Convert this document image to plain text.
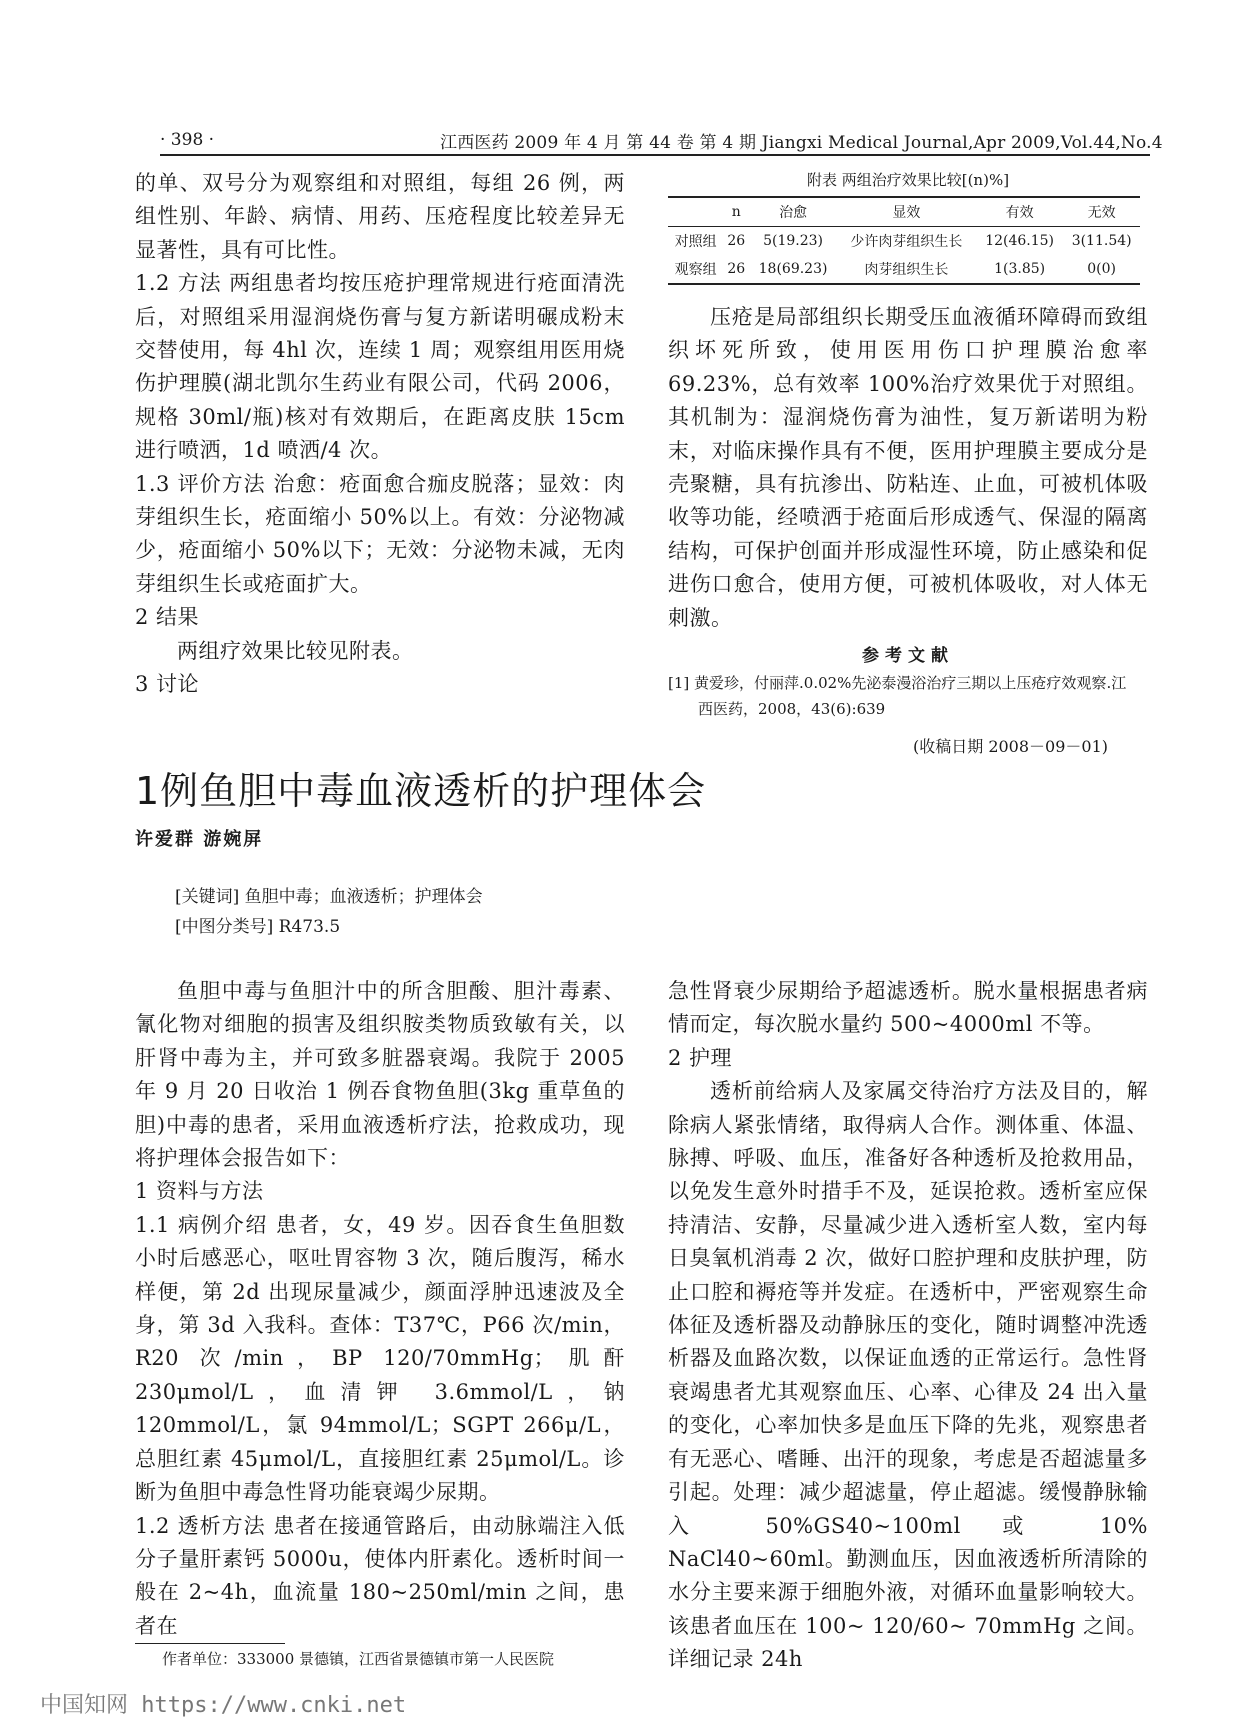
· 398 ·	江西医药 2009 年 4 月 第 44 卷 第 4 期 Jiangxi Medical Journal,Apr 2009,Vol.44,No.4

的单、双号分为观察组和对照组，每组 26 例，两组性别、年龄、病情、用药、压疮程度比较差异无显著性，具有可比性。

1.2 方法 两组患者均按压疮护理常规进行疮面清洗后，对照组采用湿润烧伤膏与复方新诺明碾成粉末交替使用，每 4hl 次，连续 1 周；观察组用医用烧伤护理膜(湖北凯尔生药业有限公司，代码 2006，规格 30ml/瓶)核对有效期后，在距离皮肤 15cm 进行喷洒，1d 喷洒/4 次。

1.3 评价方法 治愈：疮面愈合痂皮脱落；显效：肉芽组织生长，疮面缩小 50%以上。有效：分泌物减少，疮面缩小 50%以下；无效：分泌物未减，无肉芽组织生长或疮面扩大。

2 结果

两组疗效果比较见附表。

3 讨论

附表 两组治疗效果比较[(n)%]
	n	治愈	显效	有效	无效
对照组	26	5(19.23)	少许肉芽组织生长	12(46.15)	3(11.54)
观察组	26	18(69.23)	肉芽组织生长	1(3.85)	0(0)

压疮是局部组织长期受压血液循环障碍而致组织坏死所致，使用医用伤口护理膜治愈率 69.23%，总有效率 100%治疗效果优于对照组。其机制为：湿润烧伤膏为油性，复万新诺明为粉末，对临床操作具有不便，医用护理膜主要成分是壳聚糖，具有抗渗出、防粘连、止血，可被机体吸收等功能，经喷洒于疮面后形成透气、保湿的隔离结构，可保护创面并形成湿性环境，防止感染和促进伤口愈合，使用方便，可被机体吸收，对人体无刺激。

参考文献

[1] 黄爱珍，付丽萍.0.02%先泌泰漫浴治疗三期以上压疮疗效观察.江

西医药，2008，43(6):639

(收稿日期 2008－09－01)
1例鱼胆中毒血液透析的护理体会
许爱群 游婉屏
[关键词] 鱼胆中毒；血液透析；护理体会
[中图分类号] R473.5

鱼胆中毒与鱼胆汁中的所含胆酸、胆汁毒素、氰化物对细胞的损害及组织胺类物质致敏有关，以肝肾中毒为主，并可致多脏器衰竭。我院于 2005 年 9 月 20 日收治 1 例吞食物鱼胆(3kg 重草鱼的胆)中毒的患者，采用血液透析疗法，抢救成功，现将护理体会报告如下：

1 资料与方法

1.1 病例介绍 患者，女，49 岁。因吞食生鱼胆数小时后感恶心，呕吐胃容物 3 次，随后腹泻，稀水样便，第 2d 出现尿量减少，颜面浮肿迅速波及全身，第 3d 入我科。查体：T37℃，P66 次/min，R20 次/min，BP 120/70mmHg；肌酐 230μmol/L，血清钾 3.6mmol/L，钠 120mmol/L，氯 94mmol/L；SGPT 266μ/L，总胆红素 45μmol/L，直接胆红素 25μmol/L。诊断为鱼胆中毒急性肾功能衰竭少尿期。

1.2 透析方法 患者在接通管路后，由动脉端注入低分子量肝素钙 5000u，使体内肝素化。透析时间一般在 2~4h，血流量 180~250ml/min 之间，患者在

急性肾衰少尿期给予超滤透析。脱水量根据患者病情而定，每次脱水量约 500~4000ml 不等。

2 护理

透析前给病人及家属交待治疗方法及目的，解除病人紧张情绪，取得病人合作。测体重、体温、脉搏、呼吸、血压，准备好各种透析及抢救用品，以免发生意外时措手不及，延误抢救。透析室应保持清洁、安静，尽量减少进入透析室人数，室内每日臭氧机消毒 2 次，做好口腔护理和皮肤护理，防止口腔和褥疮等并发症。在透析中，严密观察生命体征及透析器及动静脉压的变化，随时调整冲洗透析器及血路次数，以保证血透的正常运行。急性肾衰竭患者尤其观察血压、心率、心律及 24 出入量的变化，心率加快多是血压下降的先兆，观察患者有无恶心、嗜睡、出汗的现象，考虑是否超滤量多引起。处理：减少超滤量，停止超滤。缓慢静脉输入 50%GS40~100ml 或 10% NaCl40~60ml。勤测血压，因血液透析所清除的水分主要来源于细胞外液，对循环血量影响较大。该患者血压在 100~ 120/60~ 70mmHg 之间。详细记录 24h

作者单位：333000 景德镇，江西省景德镇市第一人民医院
中国知网 https://www.cnki.net
